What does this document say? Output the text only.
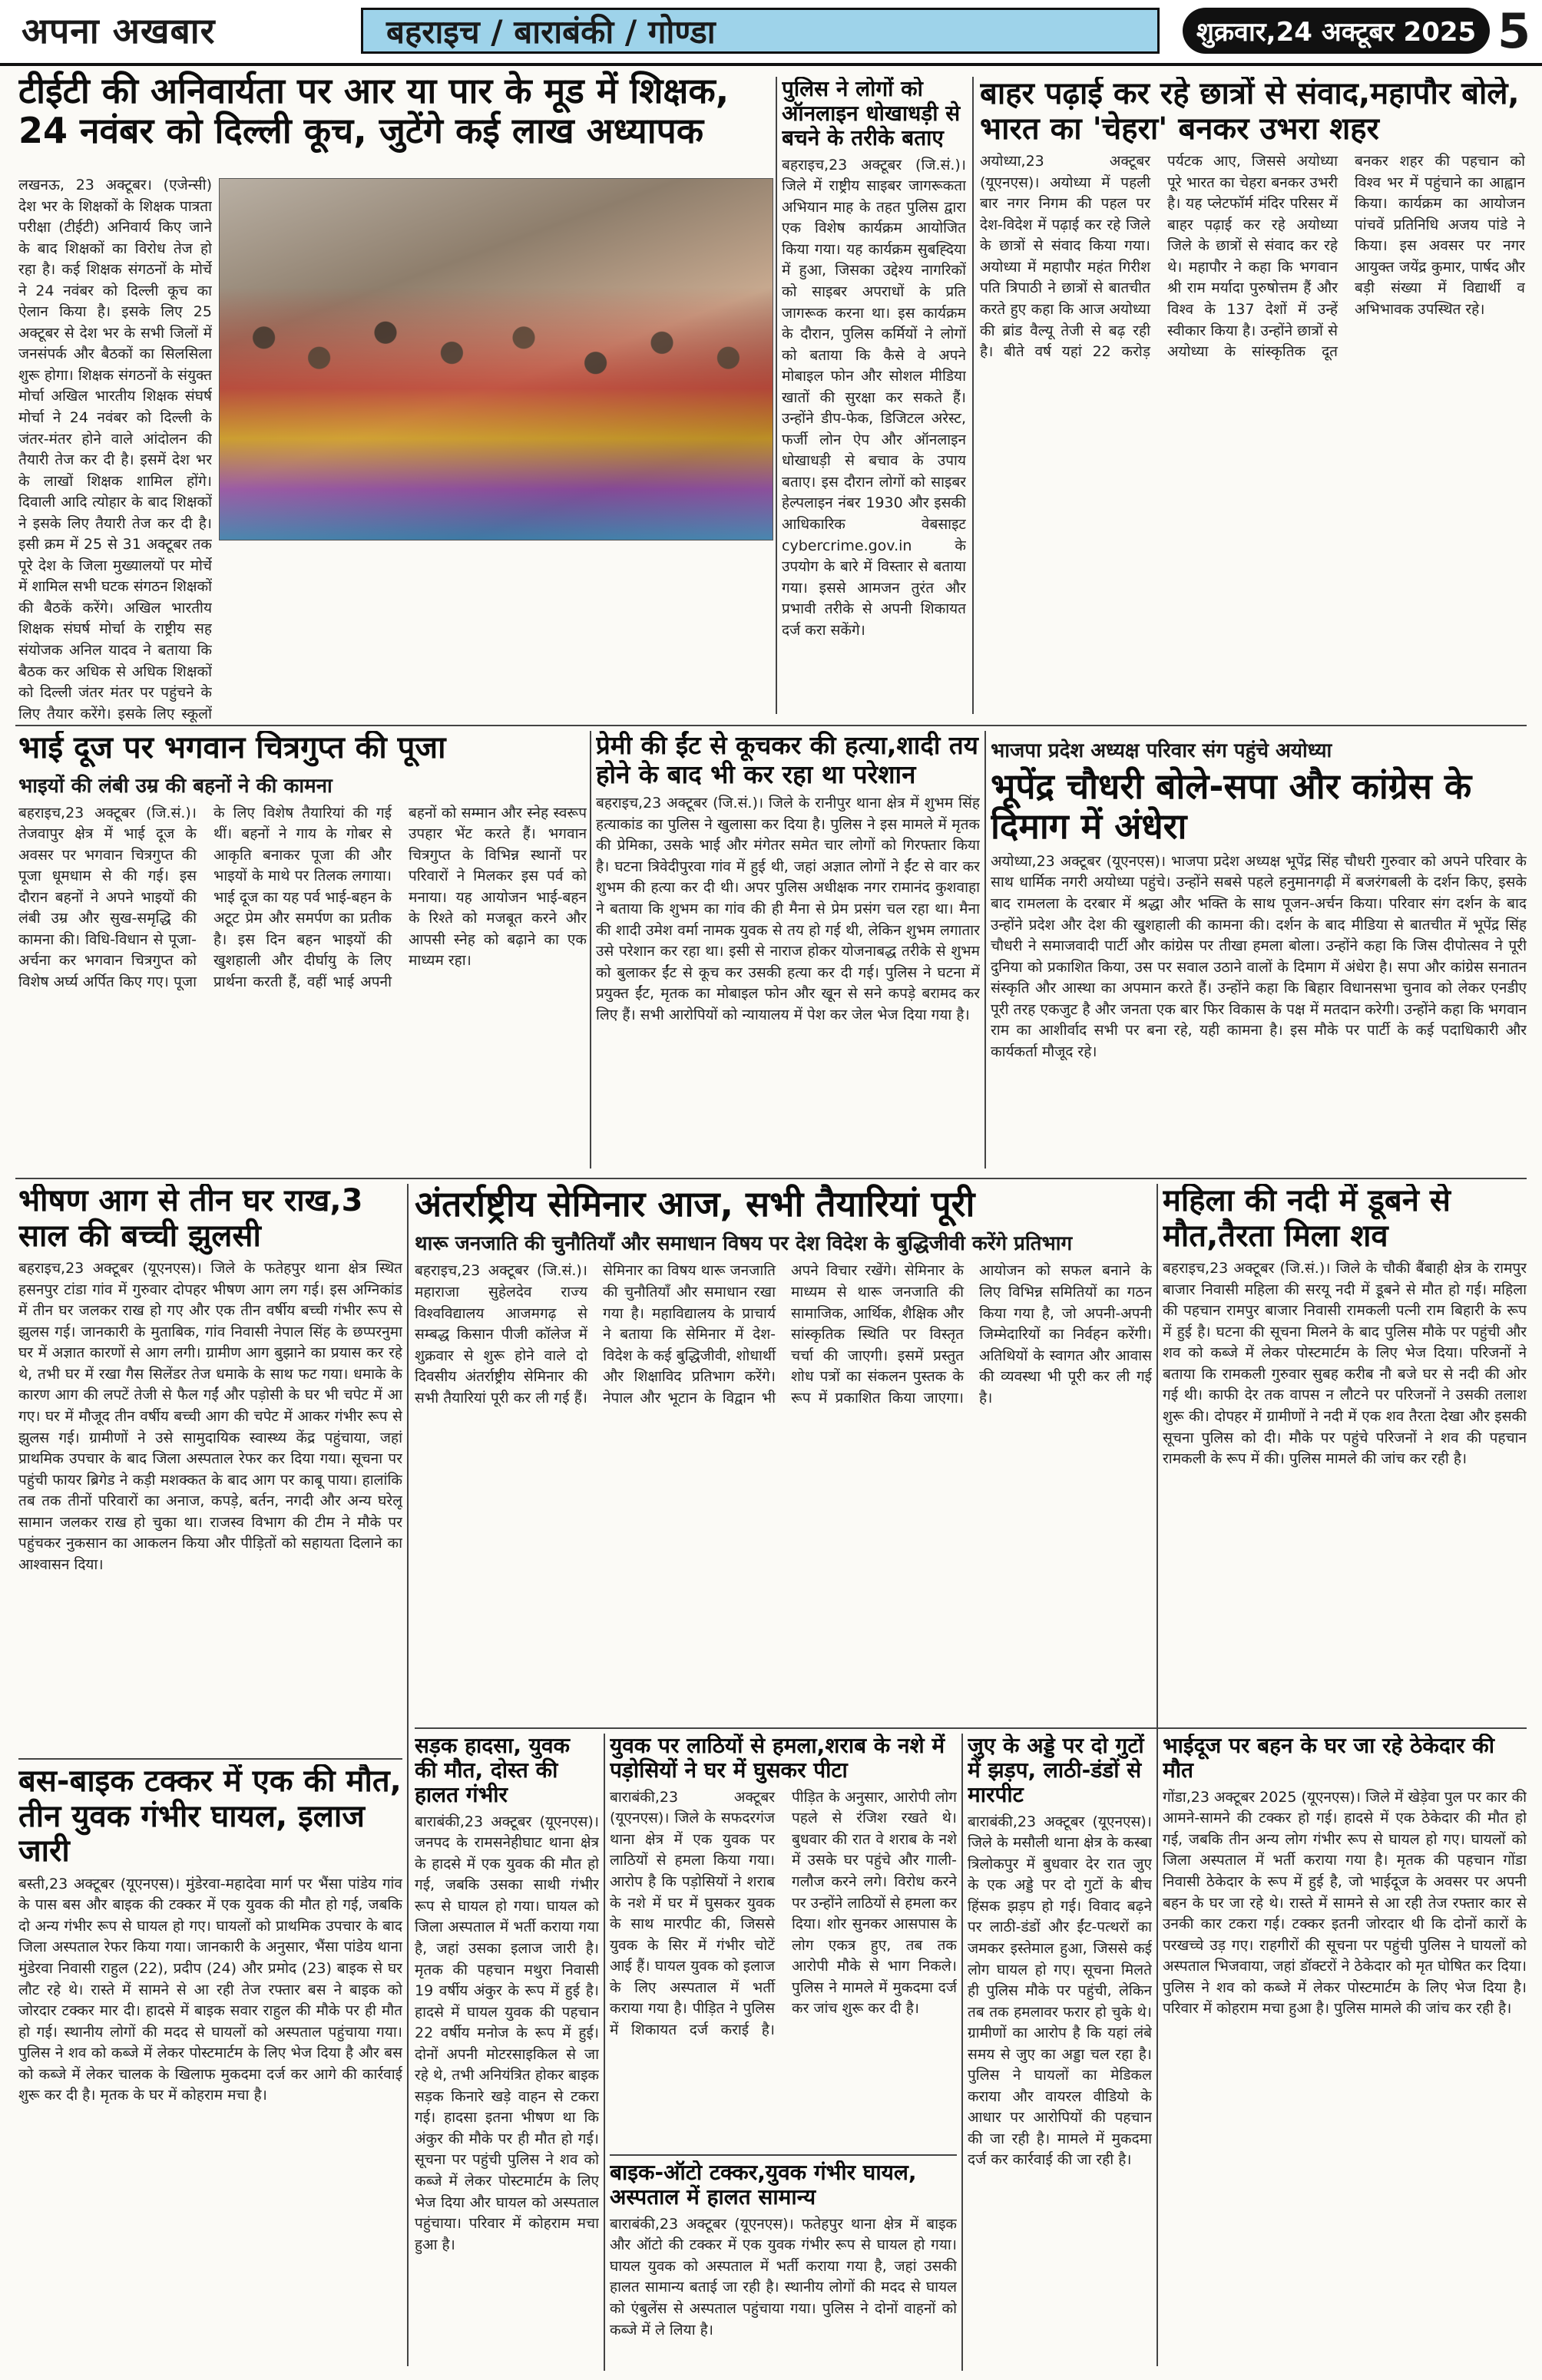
अपना अखबार	बहराइच / बाराबंकी / गोण्डा	शुक्रवार,24 अक्टूबर 2025 5
टीईटी की अनिवार्यता पर आर या पार के मूड में शिक्षक, 24 नवंबर को दिल्ली कूच, जुटेंगे कई लाख अध्यापक

लखनऊ, 23 अक्टूबर। (एजेन्सी) देश भर के शिक्षकों के शिक्षक पात्रता परीक्षा (टीईटी) अनिवार्य किए जाने के बाद शिक्षकों का विरोध तेज हो रहा है। कई शिक्षक संगठनों के मोर्चे ने 24 नवंबर को दिल्ली कूच का ऐलान किया है। इसके लिए 25 अक्टूबर से देश भर के सभी जिलों में जनसंपर्क और बैठकों का सिलसिला शुरू होगा। शिक्षक संगठनों के संयुक्त मोर्चा अखिल भारतीय शिक्षक संघर्ष मोर्चा ने 24 नवंबर को दिल्ली के जंतर-मंतर होने वाले आंदोलन की तैयारी तेज कर दी है। इसमें देश भर के लाखों शिक्षक शामिल होंगे। दिवाली आदि त्योहार के बाद शिक्षकों ने इसके लिए तैयारी तेज कर दी है। इसी क्रम में 25 से 31 अक्टूबर तक पूरे देश के जिला मुख्यालयों पर मोर्चे में शामिल सभी घटक संगठन शिक्षकों की बैठकें करेंगे। अखिल भारतीय शिक्षक संघर्ष मोर्चा के राष्ट्रीय सह संयोजक अनिल यादव ने बताया कि बैठक कर अधिक से अधिक शिक्षकों को दिल्ली जंतर मंतर पर पहुंचने के लिए तैयार करेंगे। इसके लिए स्कूलों

पुलिस ने लोगों को ऑनलाइन धोखाधड़ी से बचने के तरीके बताए

बहराइच,23 अक्टूबर (जि.सं.)। जिले में राष्ट्रीय साइबर जागरूकता अभियान माह के तहत पुलिस द्वारा एक विशेष कार्यक्रम आयोजित किया गया। यह कार्यक्रम सुबह्दिया में हुआ, जिसका उद्देश्य नागरिकों को साइबर अपराधों के प्रति जागरूक करना था। इस कार्यक्रम के दौरान, पुलिस कर्मियों ने लोगों को बताया कि कैसे वे अपने मोबाइल फोन और सोशल मीडिया खातों की सुरक्षा कर सकते हैं। उन्होंने डीप-फेक, डिजिटल अरेस्ट, फर्जी लोन ऐप और ऑनलाइन धोखाधड़ी से बचाव के उपाय बताए। इस दौरान लोगों को साइबर हेल्पलाइन नंबर 1930 और इसकी आधिकारिक वेबसाइट cybercrime.gov.in के उपयोग के बारे में विस्तार से बताया गया। इससे आमजन तुरंत और प्रभावी तरीके से अपनी शिकायत दर्ज करा सकेंगे।

बाहर पढ़ाई कर रहे छात्रों से संवाद,महापौर बोले, भारत का 'चेहरा' बनकर उभरा शहर

अयोध्या,23 अक्टूबर (यूएनएस)। अयोध्या में पहली बार नगर निगम की पहल पर देश-विदेश में पढ़ाई कर रहे जिले के छात्रों से संवाद किया गया। अयोध्या में महापौर महंत गिरीश पति त्रिपाठी ने छात्रों से बातचीत करते हुए कहा कि आज अयोध्या की ब्रांड वैल्यू तेजी से बढ़ रही है। बीते वर्ष यहां 22 करोड़ पर्यटक आए, जिससे अयोध्या पूरे भारत का चेहरा बनकर उभरी है। यह प्लेटफॉर्म मंदिर परिसर में बाहर पढ़ाई कर रहे अयोध्या जिले के छात्रों से संवाद कर रहे थे। महापौर ने कहा कि भगवान श्री राम मर्यादा पुरुषोत्तम हैं और विश्व के 137 देशों में उन्हें स्वीकार किया है। उन्होंने छात्रों से अयोध्या के सांस्कृतिक दूत बनकर शहर की पहचान को विश्व भर में पहुंचाने का आह्वान किया। कार्यक्रम का आयोजन पांचवें प्रतिनिधि अजय पांडे ने किया। इस अवसर पर नगर आयुक्त जयेंद्र कुमार, पार्षद और बड़ी संख्या में विद्यार्थी व अभिभावक उपस्थित रहे।

भाई दूज पर भगवान चित्रगुप्त की पूजा
भाइयों की लंबी उम्र की बहनों ने की कामना

बहराइच,23 अक्टूबर (जि.सं.)। तेजवापुर क्षेत्र में भाई दूज के अवसर पर भगवान चित्रगुप्त की पूजा धूमधाम से की गई। इस दौरान बहनों ने अपने भाइयों की लंबी उम्र और सुख-समृद्धि की कामना की। विधि-विधान से पूजा-अर्चना कर भगवान चित्रगुप्त को विशेष अर्घ्य अर्पित किए गए। पूजा के लिए विशेष तैयारियां की गई थीं। बहनों ने गाय के गोबर से आकृति बनाकर पूजा की और भाइयों के माथे पर तिलक लगाया। भाई दूज का यह पर्व भाई-बहन के अटूट प्रेम और समर्पण का प्रतीक है। इस दिन बहन भाइयों की खुशहाली और दीर्घायु के लिए प्रार्थना करती हैं, वहीं भाई अपनी बहनों को सम्मान और स्नेह स्वरूप उपहार भेंट करते हैं। भगवान चित्रगुप्त के विभिन्न स्थानों पर परिवारों ने मिलकर इस पर्व को मनाया। यह आयोजन भाई-बहन के रिश्ते को मजबूत करने और आपसी स्नेह को बढ़ाने का एक माध्यम रहा।

प्रेमी की ईंट से कूचकर की हत्या,शादी तय होने के बाद भी कर रहा था परेशान

बहराइच,23 अक्टूबर (जि.सं.)। जिले के रानीपुर थाना क्षेत्र में शुभम सिंह हत्याकांड का पुलिस ने खुलासा कर दिया है। पुलिस ने इस मामले में मृतक की प्रेमिका, उसके भाई और मंगेतर समेत चार लोगों को गिरफ्तार किया है। घटना त्रिवेदीपुरवा गांव में हुई थी, जहां अज्ञात लोगों ने ईंट से वार कर शुभम की हत्या कर दी थी। अपर पुलिस अधीक्षक नगर रामानंद कुशवाहा ने बताया कि शुभम का गांव की ही मैना से प्रेम प्रसंग चल रहा था। मैना की शादी उमेश वर्मा नामक युवक से तय हो गई थी, लेकिन शुभम लगातार उसे परेशान कर रहा था। इसी से नाराज होकर योजनाबद्ध तरीके से शुभम को बुलाकर ईंट से कूच कर उसकी हत्या कर दी गई। पुलिस ने घटना में प्रयुक्त ईंट, मृतक का मोबाइल फोन और खून से सने कपड़े बरामद कर लिए हैं। सभी आरोपियों को न्यायालय में पेश कर जेल भेज दिया गया है।

भाजपा प्रदेश अध्यक्ष परिवार संग पहुंचे अयोध्या
भूपेंद्र चौधरी बोले-सपा और कांग्रेस के दिमाग में अंधेरा

अयोध्या,23 अक्टूबर (यूएनएस)। भाजपा प्रदेश अध्यक्ष भूपेंद्र सिंह चौधरी गुरुवार को अपने परिवार के साथ धार्मिक नगरी अयोध्या पहुंचे। उन्होंने सबसे पहले हनुमानगढ़ी में बजरंगबली के दर्शन किए, इसके बाद रामलला के दरबार में श्रद्धा और भक्ति के साथ पूजन-अर्चन किया। परिवार संग दर्शन के बाद उन्होंने प्रदेश और देश की खुशहाली की कामना की। दर्शन के बाद मीडिया से बातचीत में भूपेंद्र सिंह चौधरी ने समाजवादी पार्टी और कांग्रेस पर तीखा हमला बोला। उन्होंने कहा कि जिस दीपोत्सव ने पूरी दुनिया को प्रकाशित किया, उस पर सवाल उठाने वालों के दिमाग में अंधेरा है। सपा और कांग्रेस सनातन संस्कृति और आस्था का अपमान करते हैं। उन्होंने कहा कि बिहार विधानसभा चुनाव को लेकर एनडीए पूरी तरह एकजुट है और जनता एक बार फिर विकास के पक्ष में मतदान करेगी। उन्होंने कहा कि भगवान राम का आशीर्वाद सभी पर बना रहे, यही कामना है। इस मौके पर पार्टी के कई पदाधिकारी और कार्यकर्ता मौजूद रहे।

भीषण आग से तीन घर राख,3 साल की बच्ची झुलसी

बहराइच,23 अक्टूबर (यूएनएस)। जिले के फतेहपुर थाना क्षेत्र स्थित हसनपुर टांडा गांव में गुरुवार दोपहर भीषण आग लग गई। इस अग्निकांड में तीन घर जलकर राख हो गए और एक तीन वर्षीय बच्ची गंभीर रूप से झुलस गई। जानकारी के मुताबिक, गांव निवासी नेपाल सिंह के छप्परनुमा घर में अज्ञात कारणों से आग लगी। ग्रामीण आग बुझाने का प्रयास कर रहे थे, तभी घर में रखा गैस सिलेंडर तेज धमाके के साथ फट गया। धमाके के कारण आग की लपटें तेजी से फैल गईं और पड़ोसी के घर भी चपेट में आ गए। घर में मौजूद तीन वर्षीय बच्ची आग की चपेट में आकर गंभीर रूप से झुलस गई। ग्रामीणों ने उसे सामुदायिक स्वास्थ्य केंद्र पहुंचाया, जहां प्राथमिक उपचार के बाद जिला अस्पताल रेफर कर दिया गया। सूचना पर पहुंची फायर ब्रिगेड ने कड़ी मशक्कत के बाद आग पर काबू पाया। हालांकि तब तक तीनों परिवारों का अनाज, कपड़े, बर्तन, नगदी और अन्य घरेलू सामान जलकर राख हो चुका था। राजस्व विभाग की टीम ने मौके पर पहुंचकर नुकसान का आकलन किया और पीड़ितों को सहायता दिलाने का आश्वासन दिया।

अंतर्राष्ट्रीय सेमिनार आज, सभी तैयारियां पूरी
थारू जनजाति की चुनौतियाँ और समाधान विषय पर देश विदेश के बुद्धिजीवी करेंगे प्रतिभाग

बहराइच,23 अक्टूबर (जि.सं.)। महाराजा सुहेलदेव राज्य विश्वविद्यालय आजमगढ़ से सम्बद्ध किसान पीजी कॉलेज में शुक्रवार से शुरू होने वाले दो दिवसीय अंतर्राष्ट्रीय सेमिनार की सभी तैयारियां पूरी कर ली गई हैं। सेमिनार का विषय थारू जनजाति की चुनौतियाँ और समाधान रखा गया है। महाविद्यालय के प्राचार्य ने बताया कि सेमिनार में देश-विदेश के कई बुद्धिजीवी, शोधार्थी और शिक्षाविद प्रतिभाग करेंगे। नेपाल और भूटान के विद्वान भी अपने विचार रखेंगे। सेमिनार के माध्यम से थारू जनजाति की सामाजिक, आर्थिक, शैक्षिक और सांस्कृतिक स्थिति पर विस्तृत चर्चा की जाएगी। इसमें प्रस्तुत शोध पत्रों का संकलन पुस्तक के रूप में प्रकाशित किया जाएगा। आयोजन को सफल बनाने के लिए विभिन्न समितियों का गठन किया गया है, जो अपनी-अपनी जिम्मेदारियों का निर्वहन करेंगी। अतिथियों के स्वागत और आवास की व्यवस्था भी पूरी कर ली गई है।

महिला की नदी में डूबने से मौत,तैरता मिला शव

बहराइच,23 अक्टूबर (जि.सं.)। जिले के चौकी बैंबाही क्षेत्र के रामपुर बाजार निवासी महिला की सरयू नदी में डूबने से मौत हो गई। महिला की पहचान रामपुर बाजार निवासी रामकली पत्नी राम बिहारी के रूप में हुई है। घटना की सूचना मिलने के बाद पुलिस मौके पर पहुंची और शव को कब्जे में लेकर पोस्टमार्टम के लिए भेज दिया। परिजनों ने बताया कि रामकली गुरुवार सुबह करीब नौ बजे घर से नदी की ओर गई थी। काफी देर तक वापस न लौटने पर परिजनों ने उसकी तलाश शुरू की। दोपहर में ग्रामीणों ने नदी में एक शव तैरता देखा और इसकी सूचना पुलिस को दी। मौके पर पहुंचे परिजनों ने शव की पहचान रामकली के रूप में की। पुलिस मामले की जांच कर रही है।

बस-बाइक टक्कर में एक की मौत, तीन युवक गंभीर घायल, इलाज जारी

बस्ती,23 अक्टूबर (यूएनएस)। मुंडेरवा-महादेवा मार्ग पर भैंसा पांडेय गांव के पास बस और बाइक की टक्कर में एक युवक की मौत हो गई, जबकि दो अन्य गंभीर रूप से घायल हो गए। घायलों को प्राथमिक उपचार के बाद जिला अस्पताल रेफर किया गया। जानकारी के अनुसार, भैंसा पांडेय थाना मुंडेरवा निवासी राहुल (22), प्रदीप (24) और प्रमोद (23) बाइक से घर लौट रहे थे। रास्ते में सामने से आ रही तेज रफ्तार बस ने बाइक को जोरदार टक्कर मार दी। हादसे में बाइक सवार राहुल की मौके पर ही मौत हो गई। स्थानीय लोगों की मदद से घायलों को अस्पताल पहुंचाया गया। पुलिस ने शव को कब्जे में लेकर पोस्टमार्टम के लिए भेज दिया है और बस को कब्जे में लेकर चालक के खिलाफ मुकदमा दर्ज कर आगे की कार्रवाई शुरू कर दी है। मृतक के घर में कोहराम मचा है।

सड़क हादसा, युवक की मौत, दोस्त की हालत गंभीर

बाराबंकी,23 अक्टूबर (यूएनएस)। जनपद के रामसनेहीघाट थाना क्षेत्र के हादसे में एक युवक की मौत हो गई, जबकि उसका साथी गंभीर रूप से घायल हो गया। घायल को जिला अस्पताल में भर्ती कराया गया है, जहां उसका इलाज जारी है। मृतक की पहचान मथुरा निवासी 19 वर्षीय अंकुर के रूप में हुई है। हादसे में घायल युवक की पहचान 22 वर्षीय मनोज के रूप में हुई। दोनों अपनी मोटरसाइकिल से जा रहे थे, तभी अनियंत्रित होकर बाइक सड़क किनारे खड़े वाहन से टकरा गई। हादसा इतना भीषण था कि अंकुर की मौके पर ही मौत हो गई। सूचना पर पहुंची पुलिस ने शव को कब्जे में लेकर पोस्टमार्टम के लिए भेज दिया और घायल को अस्पताल पहुंचाया। परिवार में कोहराम मचा हुआ है।

युवक पर लाठियों से हमला,शराब के नशे में पड़ोसियों ने घर में घुसकर पीटा

बाराबंकी,23 अक्टूबर (यूएनएस)। जिले के सफदरगंज थाना क्षेत्र में एक युवक पर लाठियों से हमला किया गया। आरोप है कि पड़ोसियों ने शराब के नशे में घर में घुसकर युवक के साथ मारपीट की, जिससे युवक के सिर में गंभीर चोटें आई हैं। घायल युवक को इलाज के लिए अस्पताल में भर्ती कराया गया है। पीड़ित ने पुलिस में शिकायत दर्ज कराई है। पीड़ित के अनुसार, आरोपी लोग पहले से रंजिश रखते थे। बुधवार की रात वे शराब के नशे में उसके घर पहुंचे और गाली-गलौज करने लगे। विरोध करने पर उन्होंने लाठियों से हमला कर दिया। शोर सुनकर आसपास के लोग एकत्र हुए, तब तक आरोपी मौके से भाग निकले। पुलिस ने मामले में मुकदमा दर्ज कर जांच शुरू कर दी है।

बाइक-ऑटो टक्कर,युवक गंभीर घायल, अस्पताल में हालत सामान्य

बाराबंकी,23 अक्टूबर (यूएनएस)। फतेहपुर थाना क्षेत्र में बाइक और ऑटो की टक्कर में एक युवक गंभीर रूप से घायल हो गया। घायल युवक को अस्पताल में भर्ती कराया गया है, जहां उसकी हालत सामान्य बताई जा रही है। स्थानीय लोगों की मदद से घायल को एंबुलेंस से अस्पताल पहुंचाया गया। पुलिस ने दोनों वाहनों को कब्जे में ले लिया है।

जुए के अड्डे पर दो गुटों में झड़प, लाठी-डंडों से मारपीट

बाराबंकी,23 अक्टूबर (यूएनएस)। जिले के मसौली थाना क्षेत्र के कस्बा त्रिलोकपुर में बुधवार देर रात जुए के एक अड्डे पर दो गुटों के बीच हिंसक झड़प हो गई। विवाद बढ़ने पर लाठी-डंडों और ईंट-पत्थरों का जमकर इस्तेमाल हुआ, जिससे कई लोग घायल हो गए। सूचना मिलते ही पुलिस मौके पर पहुंची, लेकिन तब तक हमलावर फरार हो चुके थे। ग्रामीणों का आरोप है कि यहां लंबे समय से जुए का अड्डा चल रहा है। पुलिस ने घायलों का मेडिकल कराया और वायरल वीडियो के आधार पर आरोपियों की पहचान की जा रही है। मामले में मुकदमा दर्ज कर कार्रवाई की जा रही है।

भाईदूज पर बहन के घर जा रहे ठेकेदार की मौत

गोंडा,23 अक्टूबर 2025 (यूएनएस)। जिले में खेड़ेवा पुल पर कार की आमने-सामने की टक्कर हो गई। हादसे में एक ठेकेदार की मौत हो गई, जबकि तीन अन्य लोग गंभीर रूप से घायल हो गए। घायलों को जिला अस्पताल में भर्ती कराया गया है। मृतक की पहचान गोंडा निवासी ठेकेदार के रूप में हुई है, जो भाईदूज के अवसर पर अपनी बहन के घर जा रहे थे। रास्ते में सामने से आ रही तेज रफ्तार कार से उनकी कार टकरा गई। टक्कर इतनी जोरदार थी कि दोनों कारों के परखच्चे उड़ गए। राहगीरों की सूचना पर पहुंची पुलिस ने घायलों को अस्पताल भिजवाया, जहां डॉक्टरों ने ठेकेदार को मृत घोषित कर दिया। पुलिस ने शव को कब्जे में लेकर पोस्टमार्टम के लिए भेज दिया है। परिवार में कोहराम मचा हुआ है। पुलिस मामले की जांच कर रही है।
